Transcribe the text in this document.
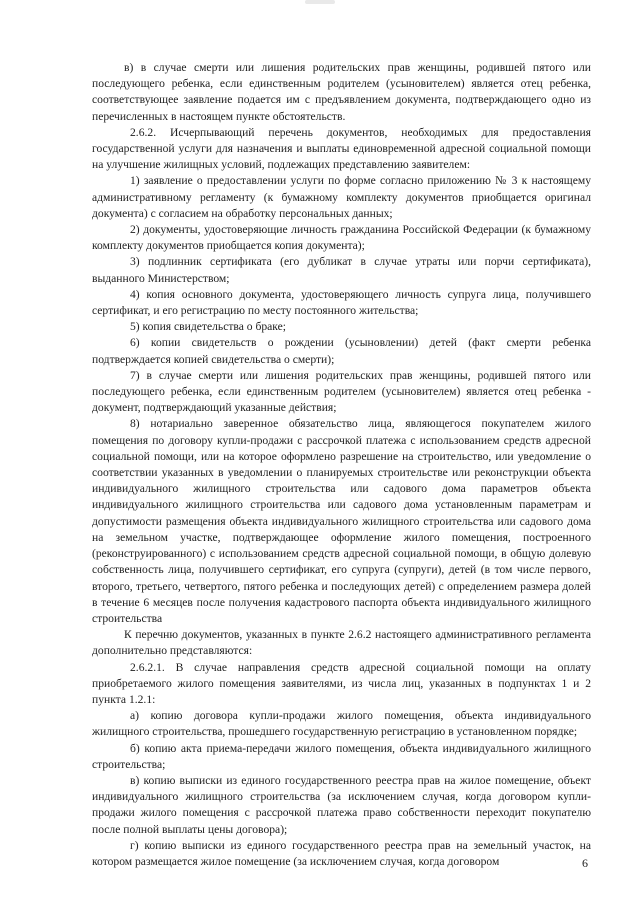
в) в случае смерти или лишения родительских прав женщины, родившей пятого или последующего ребенка, если единственным родителем (усыновителем) является отец ребенка, соответствующее заявление подается им с предъявлением документа, подтверждающего одно из перечисленных в настоящем пункте обстоятельств.

2.6.2. Исчерпывающий перечень документов, необходимых для предоставления государственной услуги для назначения и выплаты единовременной адресной социальной помощи на улучшение жилищных условий, подлежащих представлению заявителем:

1) заявление о предоставлении услуги по форме согласно приложению № 3 к настоящему административному регламенту (к бумажному комплекту документов приобщается оригинал документа) с согласием на обработку персональных данных;

2) документы, удостоверяющие личность гражданина Российской Федерации (к бумажному комплекту документов приобщается копия документа);

3) подлинник сертификата (его дубликат в случае утраты или порчи сертификата), выданного Министерством;

4) копия основного документа, удостоверяющего личность супруга лица, получившего сертификат, и его регистрацию по месту постоянного жительства;

5) копия свидетельства о браке;

6) копии свидетельств о рождении (усыновлении) детей (факт смерти ребенка подтверждается копией свидетельства о смерти);

7) в случае смерти или лишения родительских прав женщины, родившей пятого или последующего ребенка, если единственным родителем (усыновителем) является отец ребенка - документ, подтверждающий указанные действия;

8) нотариально заверенное обязательство лица, являющегося покупателем жилого помещения по договору купли-продажи с рассрочкой платежа с использованием средств адресной социальной помощи, или на которое оформлено разрешение на строительство, или уведомление о соответствии указанных в уведомлении о планируемых строительстве или реконструкции объекта индивидуального жилищного строительства или садового дома параметров объекта индивидуального жилищного строительства или садового дома установленным параметрам и допустимости размещения объекта индивидуального жилищного строительства или садового дома на земельном участке, подтверждающее оформление жилого помещения, построенного (реконструированного) с использованием средств адресной социальной помощи, в общую долевую собственность лица, получившего сертификат, его супруга (супруги), детей (в том числе первого, второго, третьего, четвертого, пятого ребенка и последующих детей) с определением размера долей в течение 6 месяцев после получения кадастрового паспорта объекта индивидуального жилищного строительства

К перечню документов, указанных в пункте 2.6.2 настоящего административного регламента дополнительно представляются:

2.6.2.1. В случае направления средств адресной социальной помощи на оплату приобретаемого жилого помещения заявителями, из числа лиц, указанных в подпунктах 1 и 2 пункта 1.2.1:

а) копию договора купли-продажи жилого помещения, объекта индивидуального жилищного строительства, прошедшего государственную регистрацию в установленном порядке;

б) копию акта приема-передачи жилого помещения, объекта индивидуального жилищного строительства;

в) копию выписки из единого государственного реестра прав на жилое помещение, объект индивидуального жилищного строительства (за исключением случая, когда договором купли-продажи жилого помещения с рассрочкой платежа право собственности переходит покупателю после полной выплаты цены договора);

г) копию выписки из единого государственного реестра прав на земельный участок, на котором размещается жилое помещение (за исключением случая, когда договором	6
